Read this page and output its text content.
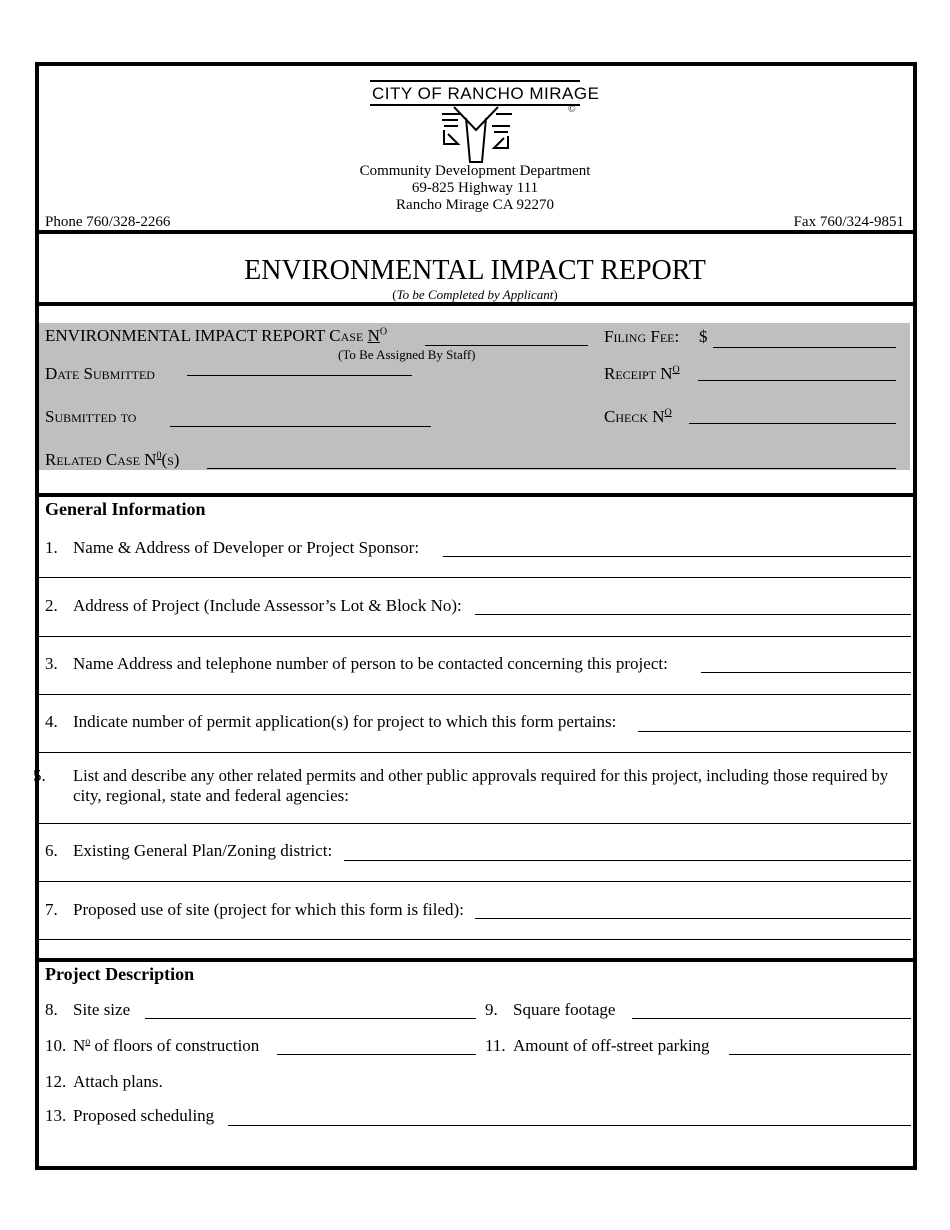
CITY OF RANCHO MIRAGE
©
Community Development Department
69-825 Highway 111
Rancho Mirage CA 92270
Phone 760/328-2266	Fax 760/324-9851
ENVIRONMENTAL IMPACT REPORT
(To be Completed by Applicant)
ENVIRONMENTAL IMPACT REPORT Case $N^O$
(To Be Assigned By Staff)
Filing Fee: $
Date Submitted	Receipt $N^O$
Submitted to	Check $N^O$
Related Case $N^0(s)$
General Information
1. Name & Address of Developer or Project Sponsor:
2. Address of Project (Include Assessor’s Lot & Block No):
3. Name Address and telephone number of person to be contacted concerning this project:
4. Indicate number of permit application(s) for project to which this form pertains:
5. List and describe any other related permits and other public approvals required for this project, including those required by
city, regional, state and federal agencies:
6. Existing General Plan/Zoning district:
7. Proposed use of site (project for which this form is filed):
Project Description
8. Site size	9. Square footage
10. $N^o$ of floors of construction	11. Amount of off-street parking
12. Attach plans.
13. Proposed scheduling
